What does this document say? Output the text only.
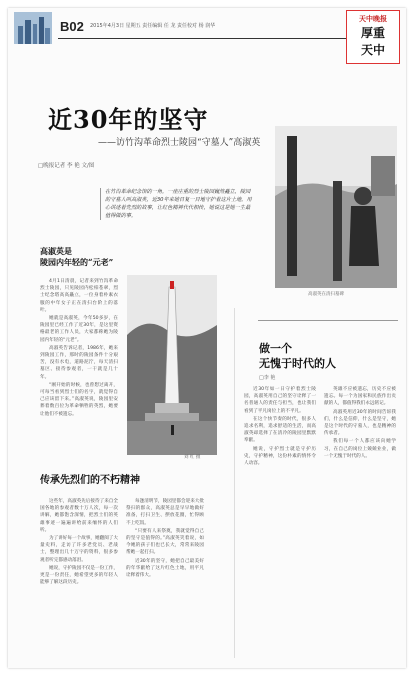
B02 2015年4月3日 星期五 责任编辑 任 龙 责任校对 杨 润华
天中晚报
厚重
天中
近30年的坚守
——访竹沟革命烈士陵园“守墓人”高淑英
□晚报记者 李 艳 文/图
在竹沟革命纪念馆的一角，一座庄重的烈士陵园巍然矗立，陵园的守墓人叫高淑英，近30年来她日复一日地守护着这片土地，用心讲述着先烈的故事，让红色精神代代相传，她说这是她一生最值得做的事。
高淑英在清扫墓碑
刘 红 摄
高淑英是
陵园内年轻的“元老”

4月1日清晨，记者来到竹沟革命烈士陵园，只见陵园内松柏苍翠，烈士纪念塔高高矗立，一位身着朴素衣服的中年女子正在清扫台阶上的落叶。

她就是高淑英，今年50多岁，在陵园里已经工作了近30年，是这里资格最老的工作人员，大家都称她为陵园内年轻的“元老”。

高淑英告诉记者，1986年，她来到陵园工作，那时的陵园条件十分艰苦，没有水电，道路泥泞，每天清扫墓区、接待参观者，一干就是几十年。

“刚开始的时候，也曾想过离开，可每当看到烈士们的名字，就觉得自己应该留下来。”高淑英说，陵园里安葬着数百位为革命牺牲的英烈，她要让他们不被遗忘。

传承先烈们的不朽精神

这些年，高淑英先后接待了来自全国各地的参观者数十万人次，每一次讲解，她都饱含深情，把烈士们的英雄事迹一遍遍讲给前来缅怀的人们听。

为了讲好每一个故事，她翻阅了大量史料，走访了许多老党员、老战士，整理出几十万字的资料，很多参观者听完都感动落泪。

她说，守护陵园不仅是一份工作，更是一份责任，她希望更多的年轻人能够了解这段历史。

每逢清明节，陵园里都会迎来大批祭扫的群众，高淑英总是早早地做好准备，打扫卫生、摆放花圈，忙得顾不上吃饭。

“只要有人来祭奠，我就觉得自己的坚守是值得的。”高淑英笑着说，如今她的孩子们也已长大，常常来陵园帮她一起打扫。

近30年的坚守，她把自己最美好的年华献给了这片红色土地，用平凡诠释着伟大。

做一个
无愧于时代的人
□李 艳

近30年如一日守护着烈士陵园，高淑英用自己的坚守诠释了一名普通人的责任与担当，也让我们看到了平凡岗位上的不平凡。

在这个快节奏的时代，很多人追求名利，追求舒适的生活，而高淑英却选择了在清冷的陵园里默默奉献。

她说，守护烈士就是守护历史，守护精神，这份朴素的情怀令人动容。

英雄不应被遗忘，历史不应被遗忘。每一个为国家和民族作出贡献的人，都值得我们永远铭记。

高淑英用近30年的时间告诉我们，什么是信仰，什么是坚守，她是这个时代的守墓人，也是精神的传承者。

我们每一个人都应该向她学习，在自己的岗位上兢兢业业，做一个无愧于时代的人。
